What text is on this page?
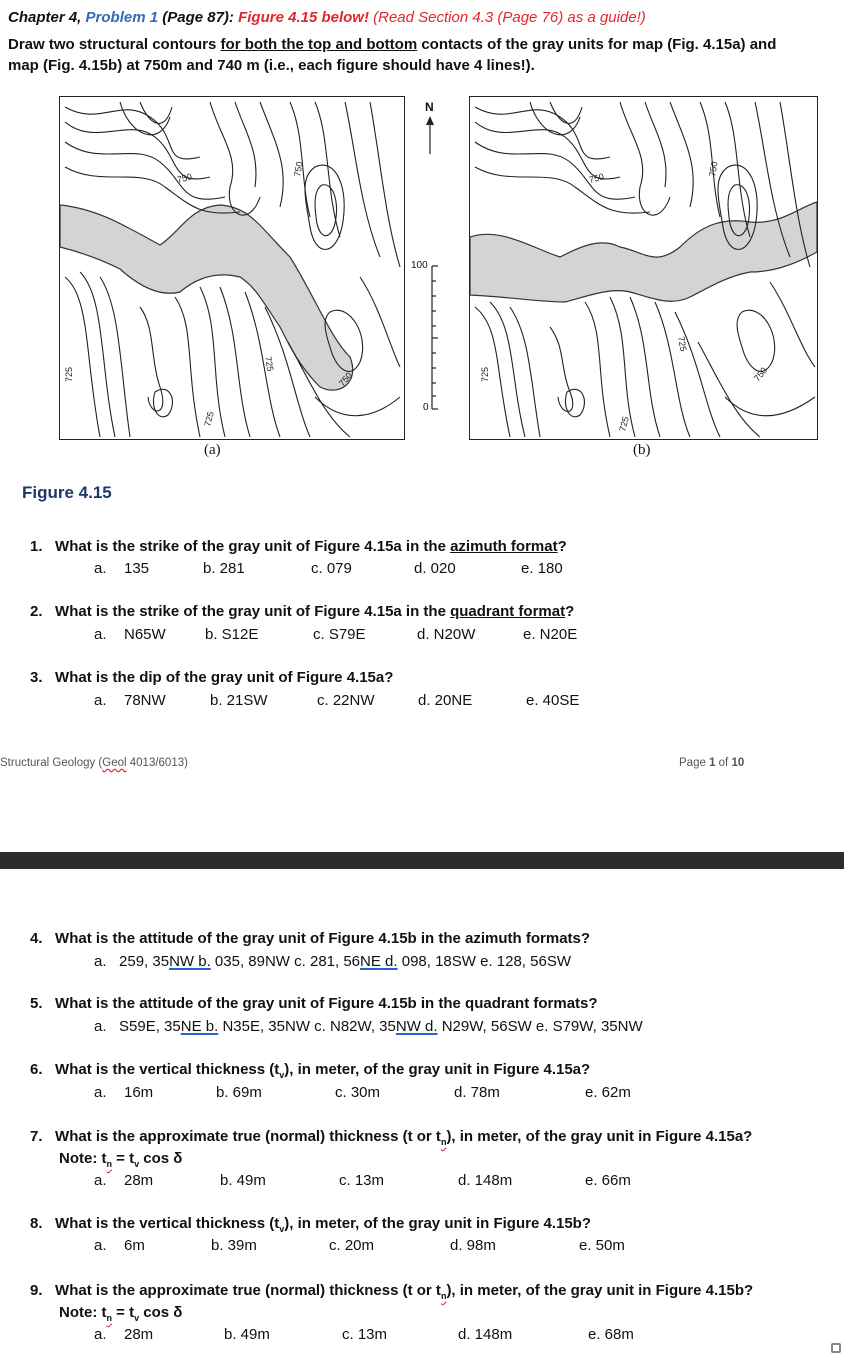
Chapter 4, Problem 1 (Page 87): Figure 4.15 below! (Read Section 4.3 (Page 76) as a guide!)
Draw two structural contours for both the top and bottom contacts of the gray units for map (Fig. 4.15a) and
map (Fig. 4.15b) at 750m and 740 m (i.e., each figure should have 4 lines!).
750
750
725
725
725
750
(a)
N
100
0
750
750
725
725
725
750
(b)
Figure 4.15
1. What is the strike of the gray unit of Figure 4.15a in the azimuth format?
a. 135	b. 281	c. 079	d. 020	e. 180
2. What is the strike of the gray unit of Figure 4.15a in the quadrant format?
a. N65W	b. S12E	c. S79E	d. N20W	e. N20E
3. What is the dip of the gray unit of Figure 4.15a?
a. 78NW	b. 21SW	c. 22NW	d. 20NE	e. 40SE
Structural Geology (Geol 4013/6013)	Page 1 of 10
4. What is the attitude of the gray unit of Figure 4.15b in the azimuth formats?
a. 259, 35NW b. 035, 89NW c. 281, 56NE d. 098, 18SW e. 128, 56SW
5. What is the attitude of the gray unit of Figure 4.15b in the quadrant formats?
a. S59E, 35NE b. N35E, 35NW c. N82W, 35NW d. N29W, 56SW e. S79W, 35NW
6. What is the vertical thickness $(t_v)$, in meter, of the gray unit in Figure 4.15a?
a. 16m	b. 69m	c. 30m	d. 78m	e. 62m
7. What is the approximate true (normal) thickness (t or $t_n$), in meter, of the gray unit in Figure 4.15a?
Note: $t_n = t_v$ cos δ
a. 28m	b. 49m	c. 13m	d. 148m	e. 66m
8. What is the vertical thickness $(t_v)$, in meter, of the gray unit in Figure 4.15b?
a. 6m	b. 39m	c. 20m	d. 98m	e. 50m
9. What is the approximate true (normal) thickness (t or $t_n$), in meter, of the gray unit in Figure 4.15b?
Note: $t_n = t_v$ cos δ
a. 28m	b. 49m	c. 13m	d. 148m	e. 68m
